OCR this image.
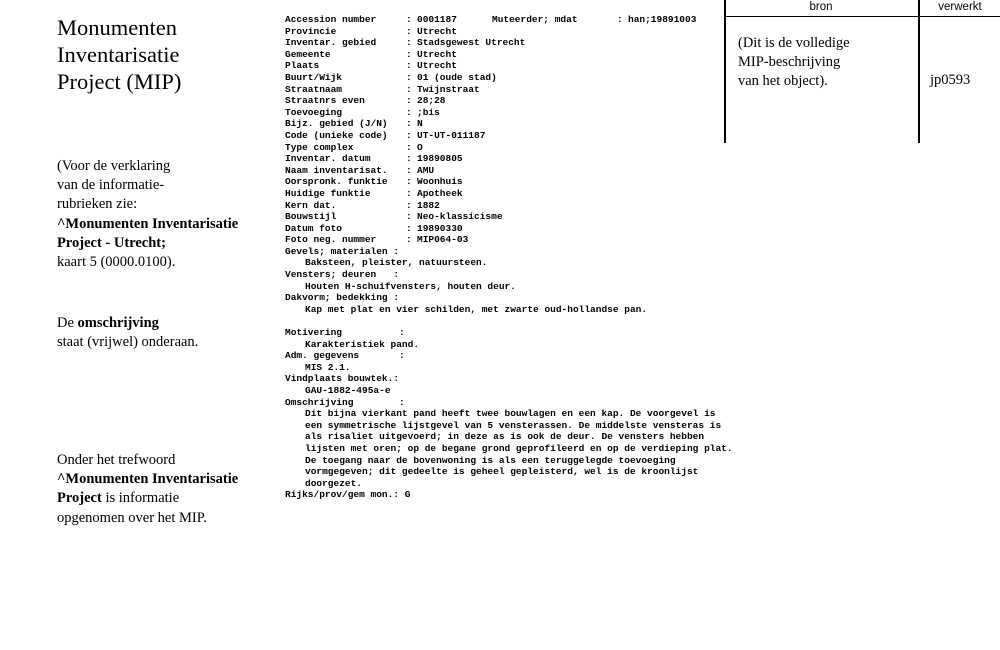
Monumenten
Inventarisatie
Project (MIP)
(Voor de verklaring
van de informatie-
rubrieken zie:
^Monumenten Inventarisatie
Project - Utrecht;
kaart 5 (0000.0100).
De omschrijving
staat (vrijwel) onderaan.
Onder het trefwoord
^Monumenten Inventarisatie
Project is informatie
opgenomen over het MIP.
bron	verwerkt
(Dit is de volledige
MIP-beschrijving
van het object).	jp0593
Accession number	: 0001187	Muteerder; mdat	: han;19891003
Provincie	: Utrecht
Inventar. gebied	: Stadsgewest Utrecht
Gemeente	: Utrecht
Plaats	: Utrecht
Buurt/Wijk	: 01 (oude stad)
Straatnaam	: Twijnstraat
Straatnrs even	: 28;28
Toevoeging	: ;bis
Bijz. gebied (J/N)	: N
Code (unieke code)	: UT-UT-011187
Type complex	: O
Inventar. datum	: 19890805
Naam inventarisat.	: AMU
Oorspronk. funktie	: Woonhuis
Huidige funktie	: Apotheek
Kern dat.	: 1882
Bouwstijl	: Neo-klassicisme
Datum foto	: 19890330
Foto neg. nummer	: MIP064-03
Gevels; materialen :
Baksteen, pleister, natuursteen.
Vensters; deuren   :
Houten H-schuifvensters, houten deur.
Dakvorm; bedekking :
Kap met plat en vier schilden, met zwarte oud-hollandse pan.
Motivering          :
Karakteristiek pand.
Adm. gegevens       :
MIS 2.1.
Vindplaats bouwtek.:
GAU-1882-495a-e
Omschrijving        :
Dit bijna vierkant pand heeft twee bouwlagen en een kap. De voorgevel is
een symmetrische lijstgevel van 5 vensterassen. De middelste vensteras is
als risaliet uitgevoerd; in deze as is ook de deur. De vensters hebben
lijsten met oren; op de begane grond geprofileerd en op de verdieping plat.
De toegang naar de bovenwoning is als een teruggelegde toevoeging
vormgegeven; dit gedeelte is geheel gepleisterd, wel is de kroonlijst
doorgezet.
Rijks/prov/gem mon.: G
